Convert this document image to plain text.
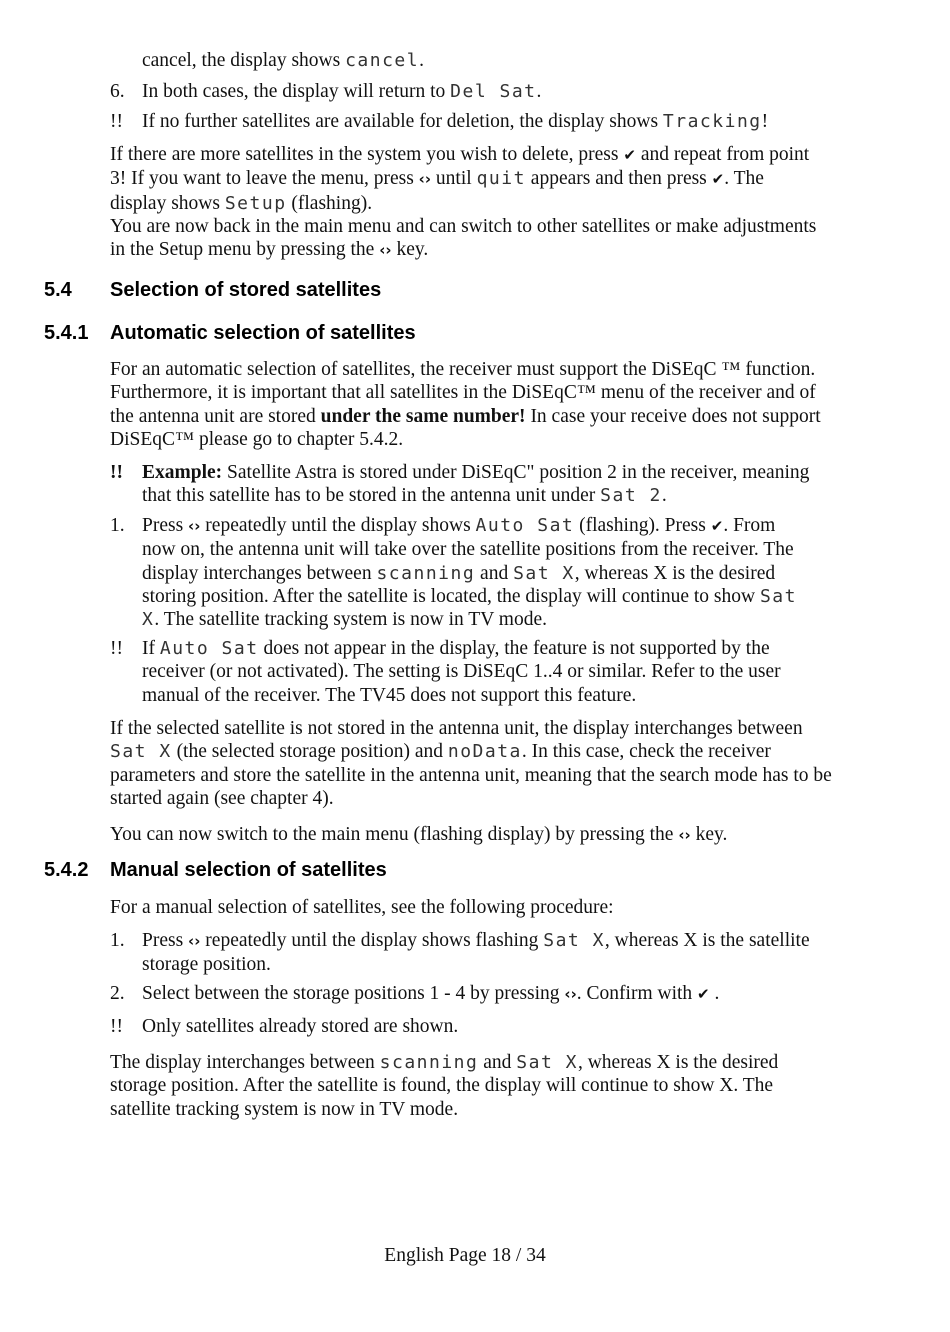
cancel, the display shows cancel.
6. In both cases, the display will return to Del Sat.
!! If no further satellites are available for deletion, the display shows Tracking!
If there are more satellites in the system you wish to delete, press ✔ and repeat from point
3! If you want to leave the menu, press ‹› until quit appears and then press ✔. The
display shows Setup (flashing).
You are now back in the main menu and can switch to other satellites or make adjustments
in the Setup menu by pressing the ‹› key.
5.4 Selection of stored satellites
5.4.1 Automatic selection of satellites
For an automatic selection of satellites, the receiver must support the DiSEqC ™ function.
Furthermore, it is important that all satellites in the DiSEqC™ menu of the receiver and of
the antenna unit are stored under the same number! In case your receive does not support
DiSEqC™ please go to chapter 5.4.2.
!! Example: Satellite Astra is stored under DiSEqC" position 2 in the receiver, meaning
that this satellite has to be stored in the antenna unit under Sat 2.
1. Press ‹› repeatedly until the display shows Auto Sat (flashing). Press ✔. From
now on, the antenna unit will take over the satellite positions from the receiver. The
display interchanges between scanning and Sat X, whereas X is the desired
storing position. After the satellite is located, the display will continue to show Sat
X. The satellite tracking system is now in TV mode.
!! If Auto Sat does not appear in the display, the feature is not supported by the
receiver (or not activated). The setting is DiSEqC 1..4 or similar. Refer to the user
manual of the receiver. The TV45 does not support this feature.
If the selected satellite is not stored in the antenna unit, the display interchanges between
Sat X (the selected storage position) and noData. In this case, check the receiver
parameters and store the satellite in the antenna unit, meaning that the search mode has to be
started again (see chapter 4).
You can now switch to the main menu (flashing display) by pressing the ‹› key.
5.4.2 Manual selection of satellites
For a manual selection of satellites, see the following procedure:
1. Press ‹› repeatedly until the display shows flashing Sat X, whereas X is the satellite
storage position.
2. Select between the storage positions 1 - 4 by pressing ‹›. Confirm with ✔ .
!! Only satellites already stored are shown.
The display interchanges between scanning and Sat X, whereas X is the desired
storage position. After the satellite is found, the display will continue to show X. The
satellite tracking system is now in TV mode.
English Page 18 / 34
